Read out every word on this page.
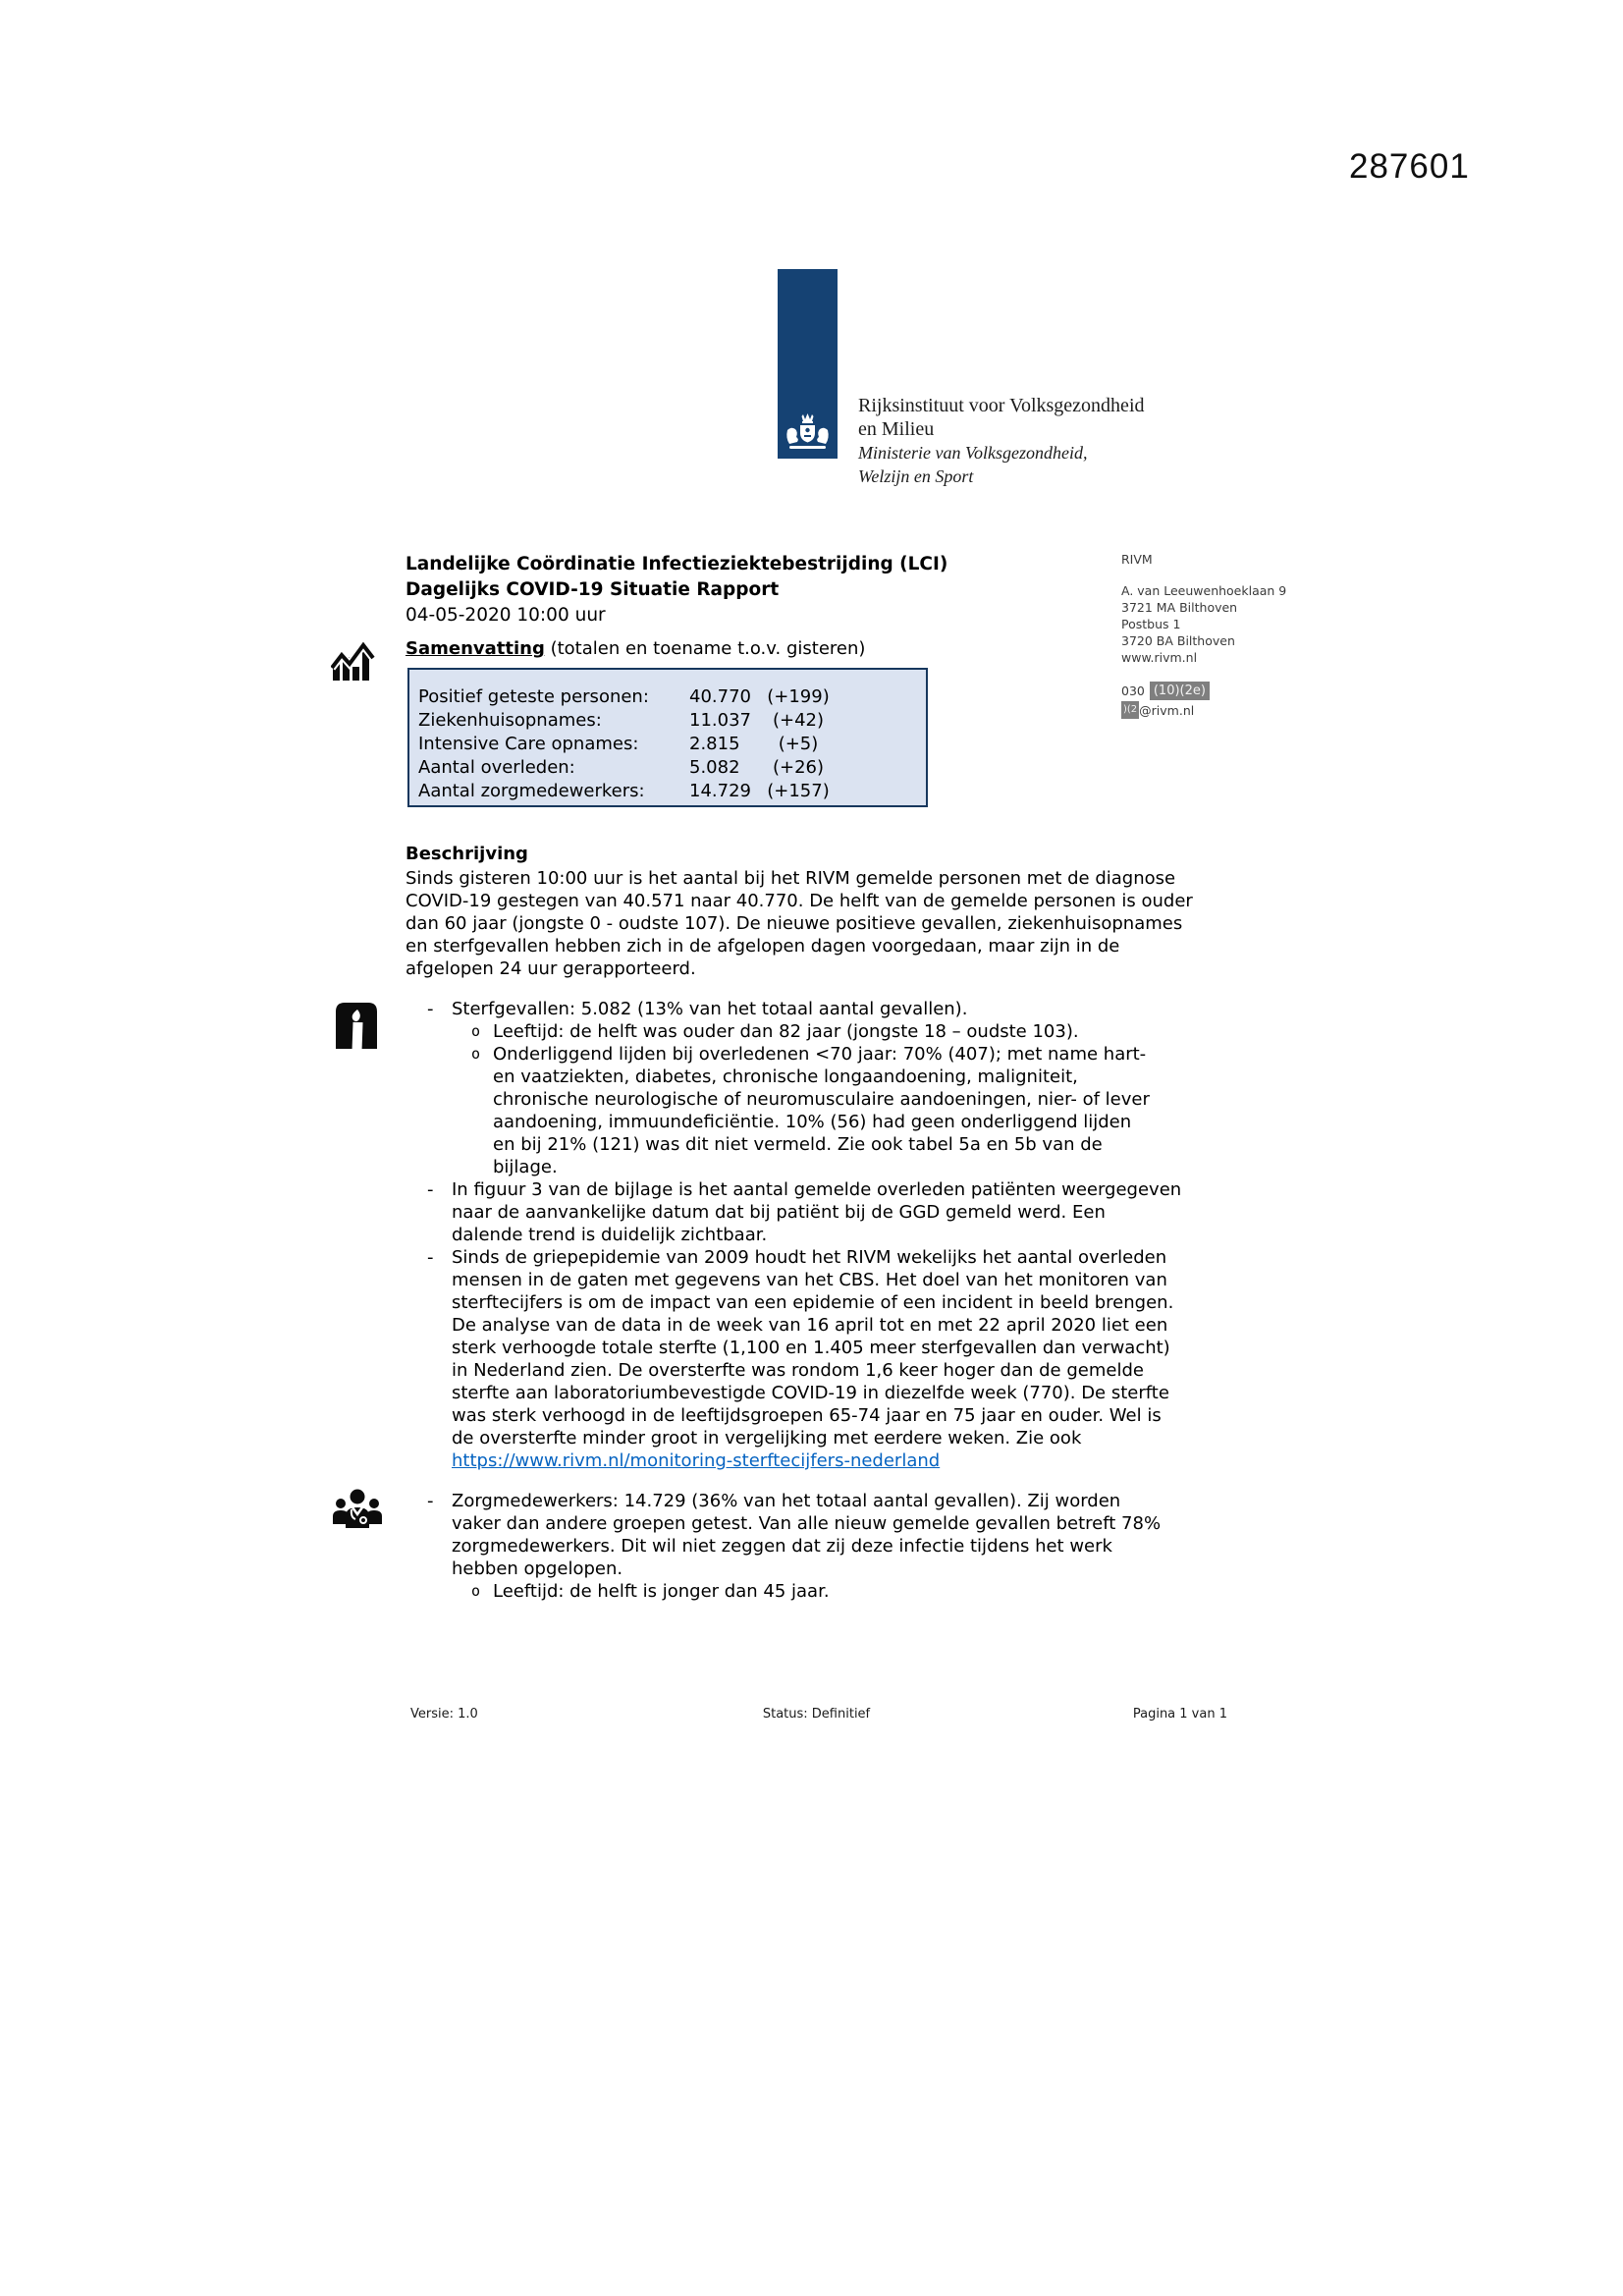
287601
Rijksinstituut voor Volksgezondheid
en Milieu
Ministerie van Volksgezondheid,
Welzijn en Sport
RIVM
A. van Leeuwenhoeklaan 9
3721 MA Bilthoven
Postbus 1
3720 BA Bilthoven
www.rivm.nl
030 (10)(2e)
)(2 @rivm.nl
Landelijke Coördinatie Infectieziektebestrijding (LCI)
Dagelijks COVID-19 Situatie Rapport
04-05-2020 10:00 uur
Samenvatting (totalen en toename t.o.v. gisteren)
Positief geteste personen:	40.770 (+199)
Ziekenhuisopnames:	11.037	(+42)
Intensive Care opnames:	2.815	(+5)
Aantal overleden:	5.082	(+26)
Aantal zorgmedewerkers:	14.729 (+157)
Beschrijving
Sinds gisteren 10:00 uur is het aantal bij het RIVM gemelde personen met de diagnose
COVID-19 gestegen van 40.571 naar 40.770. De helft van de gemelde personen is ouder
dan 60 jaar (jongste 0 - oudste 107). De nieuwe positieve gevallen, ziekenhuisopnames
en sterfgevallen hebben zich in de afgelopen dagen voorgedaan, maar zijn in de
afgelopen 24 uur gerapporteerd.
-	Sterfgevallen: 5.082 (13% van het totaal aantal gevallen).
o Leeftijd: de helft was ouder dan 82 jaar (jongste 18 – oudste 103).
o Onderliggend lijden bij overledenen <70 jaar: 70% (407); met name hart-
en vaatziekten, diabetes, chronische longaandoening, maligniteit,
chronische neurologische of neuromusculaire aandoeningen, nier- of lever
aandoening, immuundeficiëntie. 10% (56) had geen onderliggend lijden
en bij 21% (121) was dit niet vermeld. Zie ook tabel 5a en 5b van de
bijlage.
-	In figuur 3 van de bijlage is het aantal gemelde overleden patiënten weergegeven
naar de aanvankelijke datum dat bij patiënt bij de GGD gemeld werd. Een
dalende trend is duidelijk zichtbaar.
-	Sinds de griepepidemie van 2009 houdt het RIVM wekelijks het aantal overleden
mensen in de gaten met gegevens van het CBS. Het doel van het monitoren van
sterftecijfers is om de impact van een epidemie of een incident in beeld brengen.
De analyse van de data in de week van 16 april tot en met 22 april 2020 liet een
sterk verhoogde totale sterfte (1,100 en 1.405 meer sterfgevallen dan verwacht)
in Nederland zien. De oversterfte was rondom 1,6 keer hoger dan de gemelde
sterfte aan laboratoriumbevestigde COVID-19 in diezelfde week (770). De sterfte
was sterk verhoogd in de leeftijdsgroepen 65-74 jaar en 75 jaar en ouder. Wel is
de oversterfte minder groot in vergelijking met eerdere weken. Zie ook
https://www.rivm.nl/monitoring-sterftecijfers-nederland
-	Zorgmedewerkers: 14.729 (36% van het totaal aantal gevallen). Zij worden
vaker dan andere groepen getest. Van alle nieuw gemelde gevallen betreft 78%
zorgmedewerkers. Dit wil niet zeggen dat zij deze infectie tijdens het werk
hebben opgelopen.
o Leeftijd: de helft is jonger dan 45 jaar.
Versie: 1.0	Status: Definitief	Pagina 1 van 1
